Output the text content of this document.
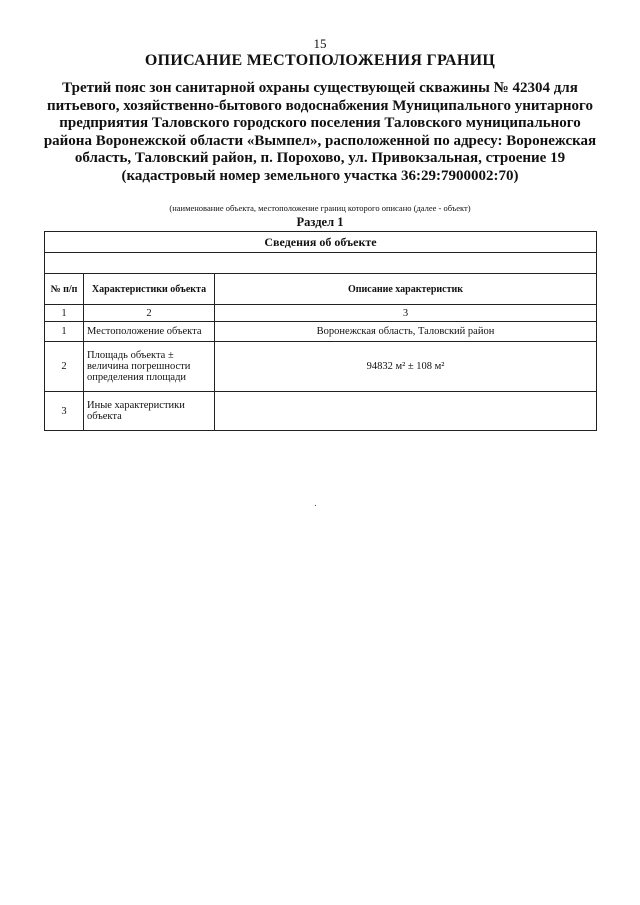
15
ОПИСАНИЕ МЕСТОПОЛОЖЕНИЯ ГРАНИЦ
Третий пояс зон санитарной охраны существующей скважины № 42304 для питьевого, хозяйственно-бытового водоснабжения Муниципального унитарного предприятия Таловского городского поселения Таловского муниципального района Воронежской области «Вымпел», расположенной по адресу: Воронежская область, Таловский район, п. Порохово, ул. Привокзальная, строение 19 (кадастровый номер земельного участка 36:29:7900002:70)
(наименование объекта, местоположение границ которого описано (далее - объект)
Раздел 1
Сведения об объекте		

№ п/п	Характеристики объекта	Описание характеристик
1	2	3
1	Местоположение объекта	Воронежская область, Таловский район
2	Площадь объекта ± величина погрешности определения площади	94832 м² ± 108 м²
3	Иные характеристики объекта	
